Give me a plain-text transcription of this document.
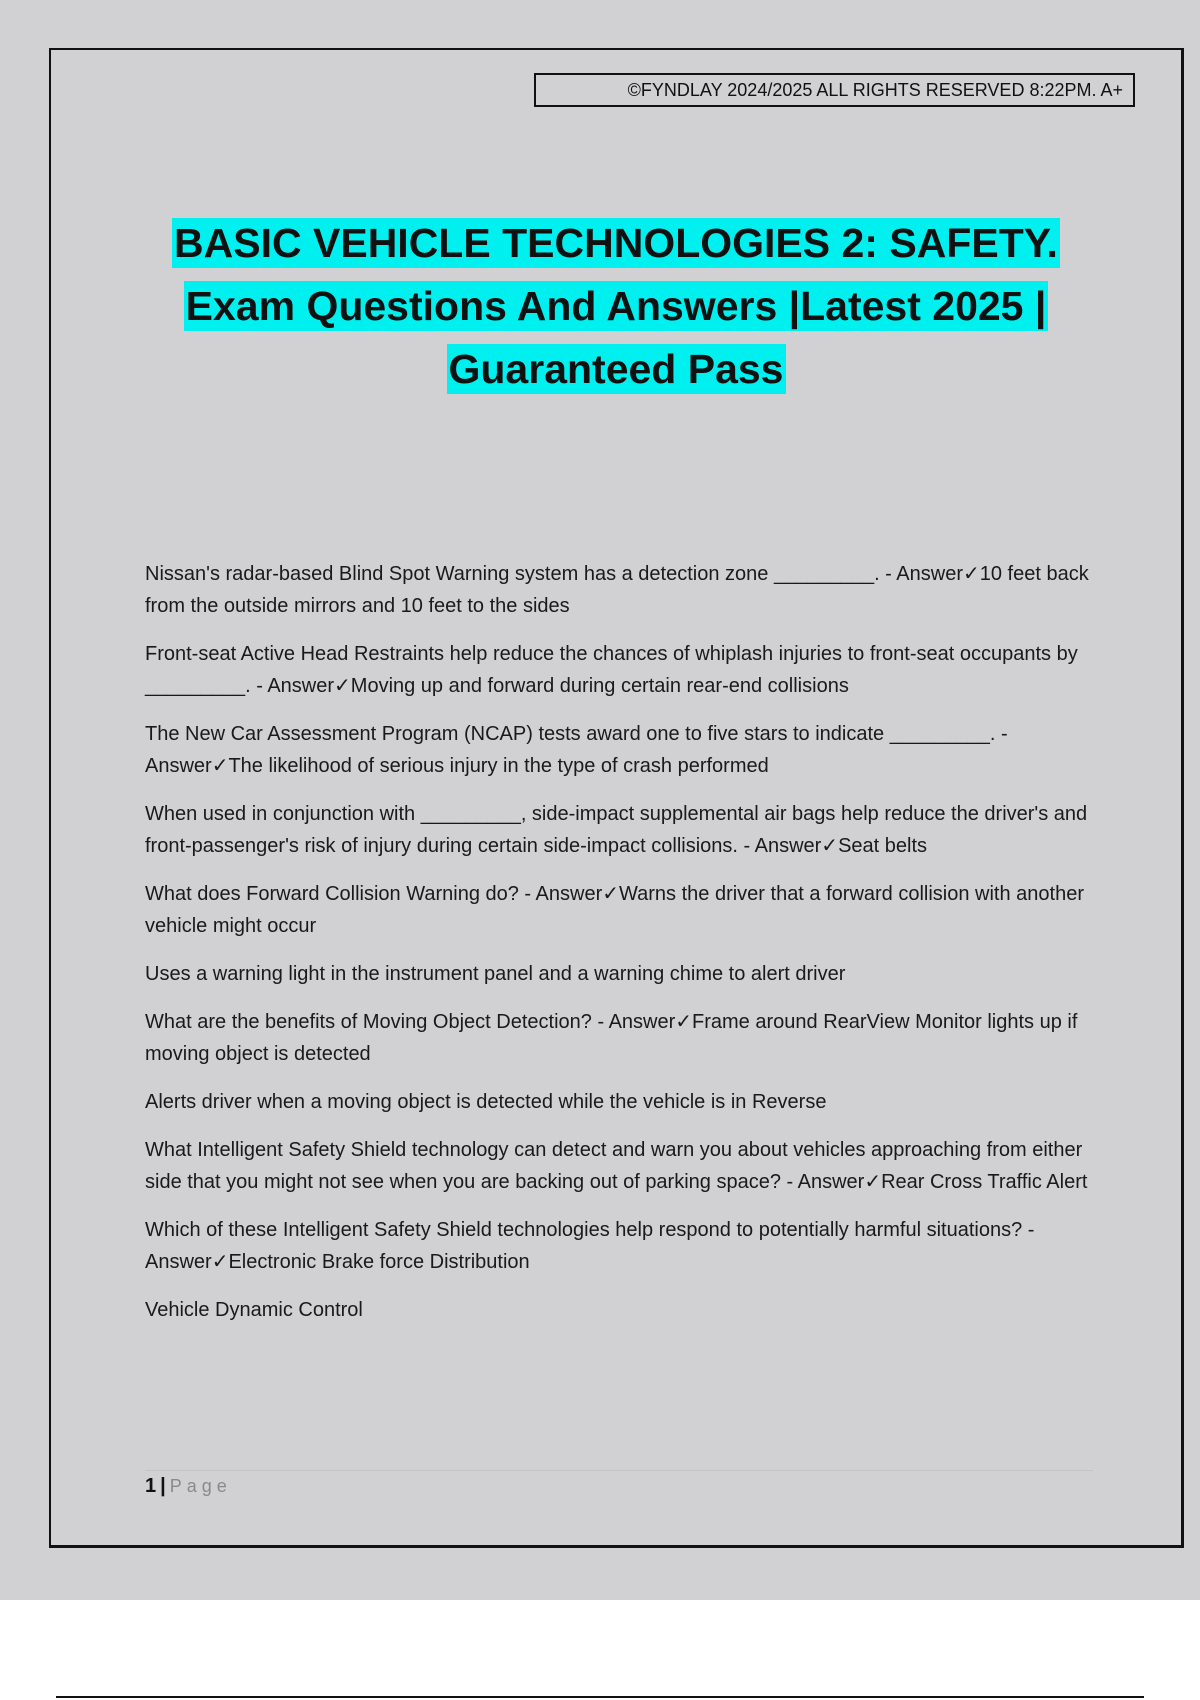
©FYNDLAY 2024/2025 ALL RIGHTS RESERVED 8:22PM. A+
BASIC VEHICLE TECHNOLOGIES 2: SAFETY.
Exam Questions And Answers |Latest 2025 |
Guaranteed Pass

Nissan's radar-based Blind Spot Warning system has a detection zone _________. - Answer✓10 feet back from the outside mirrors and 10 feet to the sides

Front-seat Active Head Restraints help reduce the chances of whiplash injuries to front-seat occupants by _________. - Answer✓Moving up and forward during certain rear-end collisions

The New Car Assessment Program (NCAP) tests award one to five stars to indicate _________. - Answer✓The likelihood of serious injury in the type of crash performed

When used in conjunction with _________, side-impact supplemental air bags help reduce the driver's and front-passenger's risk of injury during certain side-impact collisions. - Answer✓Seat belts

What does Forward Collision Warning do? - Answer✓Warns the driver that a forward collision with another vehicle might occur

Uses a warning light in the instrument panel and a warning chime to alert driver

What are the benefits of Moving Object Detection? - Answer✓Frame around RearView Monitor lights up if moving object is detected

Alerts driver when a moving object is detected while the vehicle is in Reverse

What Intelligent Safety Shield technology can detect and warn you about vehicles approaching from either side that you might not see when you are backing out of parking space? - Answer✓Rear Cross Traffic Alert

Which of these Intelligent Safety Shield technologies help respond to potentially harmful situations? - Answer✓Electronic Brake force Distribution

Vehicle Dynamic Control

1 | Page
